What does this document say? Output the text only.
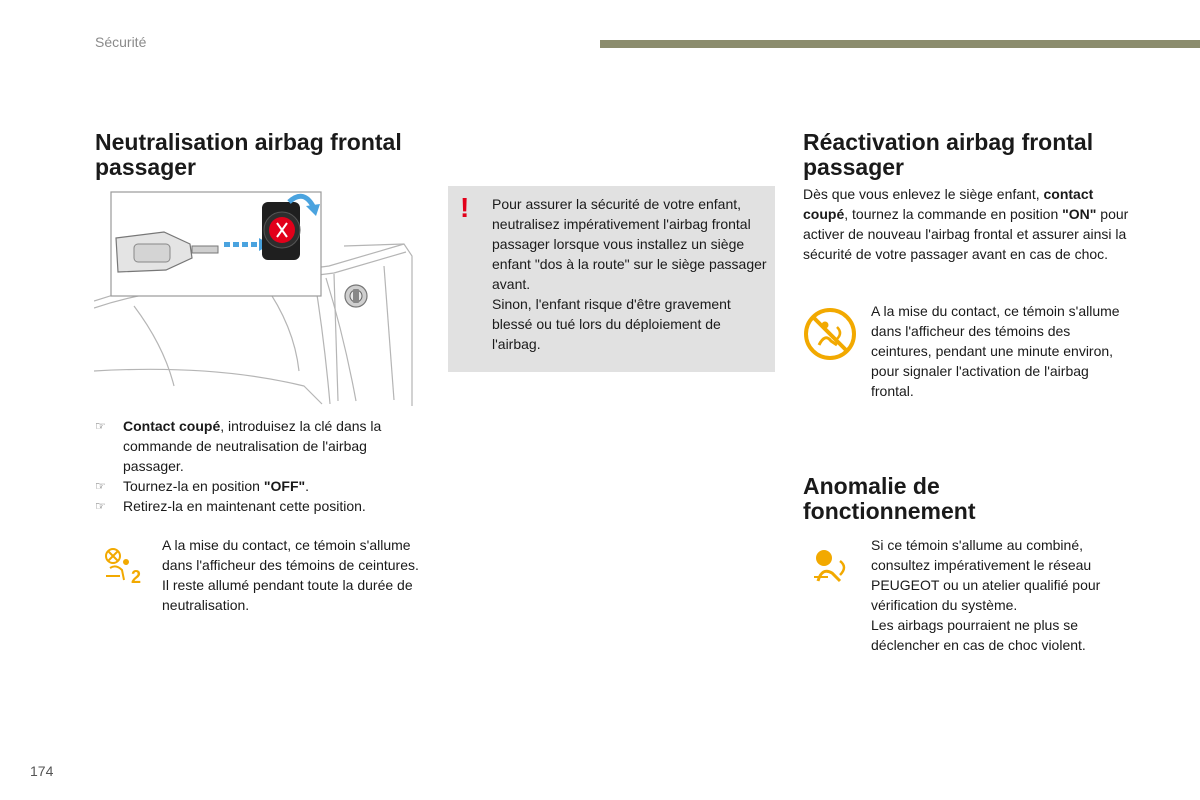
Sécurité
Neutralisation airbag frontal
passager
☞ Contact coupé, introduisez la clé dans la commande de neutralisation de l'airbag passager.
☞ Tournez-la en position "OFF".
☞ Retirez-la en maintenant cette position.
2

A la mise du contact, ce témoin s'allume dans l'afficheur des témoins de ceintures. Il reste allumé pendant toute la durée de neutralisation.

! Pour assurer la sécurité de votre enfant, neutralisez impérativement l'airbag frontal passager lorsque vous installez un siège enfant "dos à la route" sur le siège passager avant.

Sinon, l'enfant risque d'être gravement blessé ou tué lors du déploiement de l'airbag.

Réactivation airbag frontal
passager

Dès que vous enlevez le siège enfant, contact coupé, tournez la commande en position "ON" pour activer de nouveau l'airbag frontal et assurer ainsi la sécurité de votre passager avant en cas de choc.

A la mise du contact, ce témoin s'allume dans l'afficheur des témoins des ceintures, pendant une minute environ, pour signaler l'activation de l'airbag frontal.

Anomalie de
fonctionnement

Si ce témoin s'allume au combiné, consultez impérativement le réseau PEUGEOT ou un atelier qualifié pour vérification du système.

Les airbags pourraient ne plus se déclencher en cas de choc violent.

174
